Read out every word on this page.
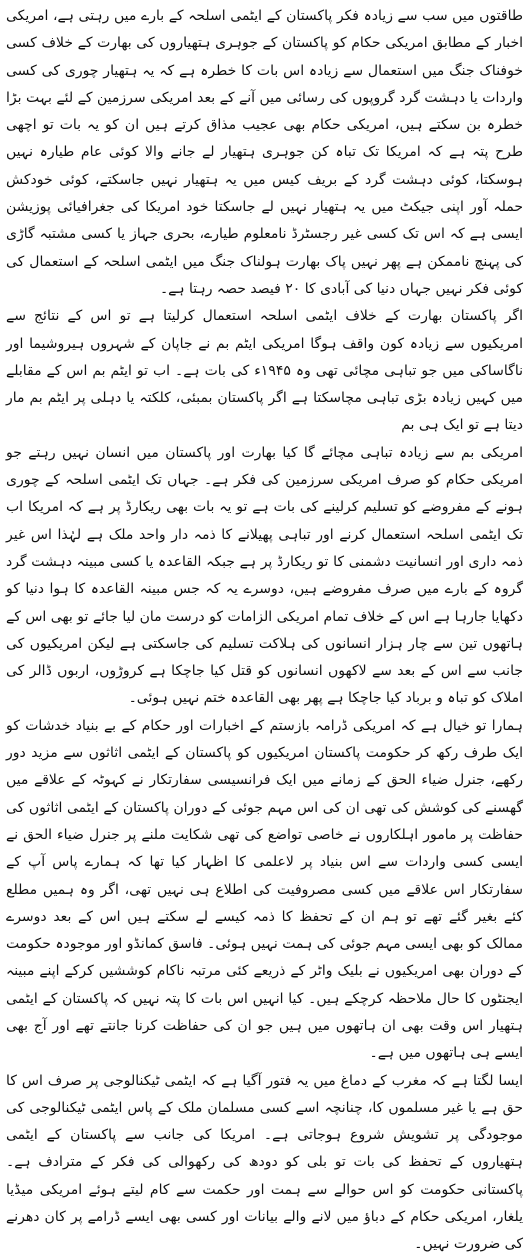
طاقتوں میں سب سے زیادہ فکر پاکستان کے ایٹمی اسلحہ کے بارے میں رہتی ہے، امریکی اخبار کے مطابق امریکی حکام کو پاکستان کے جوہری ہتھیاروں کی بھارت کے خلاف کسی خوفناک جنگ میں استعمال سے زیادہ اس بات کا خطرہ ہے کہ یہ ہتھیار چوری کی کسی واردات یا دہشت گرد گروپوں کی رسائی میں آنے کے بعد امریکی سرزمین کے لئے بہت بڑا خطرہ بن سکتے ہیں، امریکی حکام بھی عجیب مذاق کرتے ہیں ان کو یہ بات تو اچھی طرح پتہ ہے کہ امریکا تک تباہ کن جوہری ہتھیار لے جانے والا کوئی عام طیارہ نہیں ہوسکتا، کوئی دہشت گرد کے بریف کیس میں یہ ہتھیار نہیں جاسکتے، کوئی خودکش حملہ آور اپنی جیکٹ میں یہ ہتھیار نہیں لے جاسکتا خود امریکا کی جغرافیائی پوزیشن ایسی ہے کہ اس تک کسی غیر رجسٹرڈ نامعلوم طیارے، بحری جہاز یا کسی مشتبہ گاڑی کی پہنچ ناممکن ہے پھر نہیں پاک بھارت ہولناک جنگ میں ایٹمی اسلحہ کے استعمال کی کوئی فکر نہیں جہاں دنیا کی آبادی کا ۲۰ فیصد حصہ رہتا ہے۔

اگر پاکستان بھارت کے خلاف ایٹمی اسلحہ استعمال کرلیتا ہے تو اس کے نتائج سے امریکیوں سے زیادہ کون واقف ہوگا امریکی ایٹم بم نے جاپان کے شہروں ہیروشیما اور ناگاساکی میں جو تباہی مچائی تھی وہ ۱۹۴۵ء کی بات ہے۔ اب تو ایٹم بم اس کے مقابلے میں کہیں زیادہ بڑی تباہی مچاسکتا ہے اگر پاکستان بمبئی، کلکتہ یا دہلی پر ایٹم بم مار دیتا ہے تو ایک ہی بم

امریکی بم سے زیادہ تباہی مچائے گا کیا بھارت اور پاکستان میں انسان نہیں رہتے جو امریکی حکام کو صرف امریکی سرزمین کی فکر ہے۔ جہاں تک ایٹمی اسلحہ کے چوری ہونے کے مفروضے کو تسلیم کرلینے کی بات ہے تو یہ بات بھی ریکارڈ پر ہے کہ امریکا اب تک ایٹمی اسلحہ استعمال کرنے اور تباہی پھیلانے کا ذمہ دار واحد ملک ہے لہٰذا اس غیر ذمہ داری اور انسانیت دشمنی کا تو ریکارڈ پر ہے جبکہ القاعدہ یا کسی مبینہ دہشت گرد گروہ کے بارے میں صرف مفروضے ہیں، دوسرے یہ کہ جس مبینہ القاعدہ کا ہوا دنیا کو دکھایا جارہا ہے اس کے خلاف تمام امریکی الزامات کو درست مان لیا جائے تو بھی اس کے ہاتھوں تین سے چار ہزار انسانوں کی ہلاکت تسلیم کی جاسکتی ہے لیکن امریکیوں کی جانب سے اس کے بعد سے لاکھوں انسانوں کو قتل کیا جاچکا ہے کروڑوں، اربوں ڈالر کی املاک کو تباہ و برباد کیا جاچکا ہے پھر بھی القاعدہ ختم نہیں ہوئی۔

ہمارا تو خیال ہے کہ امریکی ڈرامہ بازستم کے اخبارات اور حکام کے بے بنیاد خدشات کو ایک طرف رکھ کر حکومت پاکستان امریکیوں کو پاکستان کے ایٹمی اثاثوں سے مزید دور رکھے، جنرل ضیاء الحق کے زمانے میں ایک فرانسیسی سفارتکار نے کہوٹہ کے علاقے میں گھسنے کی کوشش کی تھی ان کی اس مہم جوئی کے دوران پاکستان کے ایٹمی اثاثوں کی حفاظت پر مامور اہلکاروں نے خاصی تواضع کی تھی شکایت ملنے پر جنرل ضیاء الحق نے ایسی کسی واردات سے اس بنیاد پر لاعلمی کا اظہار کیا تھا کہ ہمارے پاس آپ کے سفارتکار اس علاقے میں کسی مصروفیت کی اطلاع ہی نہیں تھی، اگر وہ ہمیں مطلع کئے بغیر گئے تھے تو ہم ان کے تحفظ کا ذمہ کیسے لے سکتے ہیں اس کے بعد دوسرے ممالک کو بھی ایسی مہم جوئی کی ہمت نہیں ہوئی۔ فاسق کمانڈو اور موجودہ حکومت کے دوران بھی امریکیوں نے بلیک واٹر کے ذریعے کئی مرتبہ ناکام کوششیں کرکے اپنے مبینہ ایجنٹوں کا حال ملاحظہ کرچکے ہیں۔ کیا انہیں اس بات کا پتہ نہیں کہ پاکستان کے ایٹمی ہتھیار اس وقت بھی ان ہاتھوں میں ہیں جو ان کی حفاظت کرنا جانتے تھے اور آج بھی ایسے ہی ہاتھوں میں ہے۔

ایسا لگتا ہے کہ مغرب کے دماغ میں یہ فتور آگیا ہے کہ ایٹمی ٹیکنالوجی پر صرف اس کا حق ہے یا غیر مسلموں کا، چنانچہ اسے کسی مسلمان ملک کے پاس ایٹمی ٹیکنالوجی کی موجودگی پر تشویش شروع ہوجاتی ہے۔ امریکا کی جانب سے پاکستان کے ایٹمی ہتھیاروں کے تحفظ کی بات تو بلی کو دودھ کی رکھوالی کی فکر کے مترادف ہے۔ پاکستانی حکومت کو اس حوالے سے ہمت اور حکمت سے کام لیتے ہوئے امریکی میڈیا یلغار، امریکی حکام کے دباؤ میں لانے والے بیانات اور کسی بھی ایسے ڈرامے پر کان دھرنے کی ضرورت نہیں۔
